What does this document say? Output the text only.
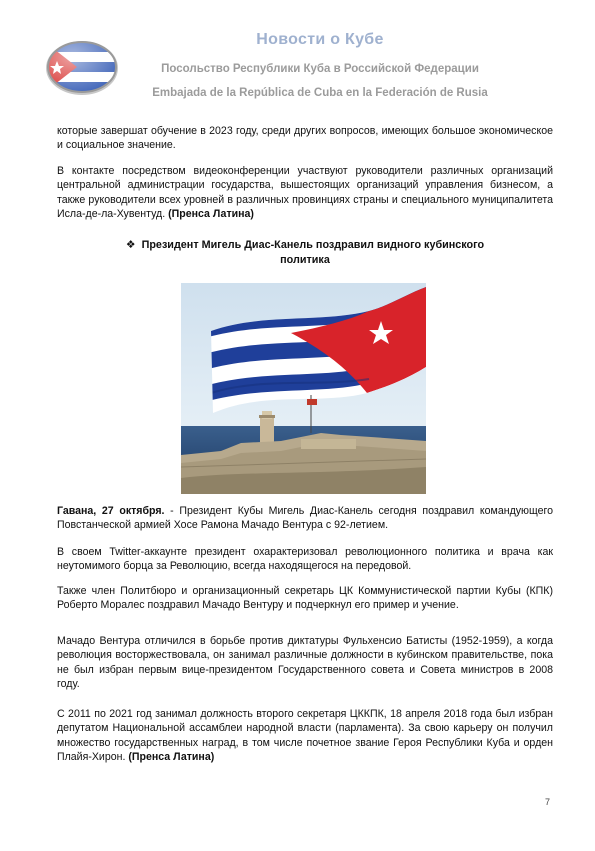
Новости о Кубе
Посольство Республики Куба в Российской Федерации
Embajada de la República de Cuba en la Federación de Rusia
которые завершат обучение в 2023 году, среди других вопросов, имеющих большое экономическое и социальное значение.
В контакте посредством видеоконференции участвуют руководители различных организаций центральной администрации государства, вышестоящих организаций управления бизнесом, а также руководители всех уровней в различных провинциях страны и специального муниципалитета Исла-де-ла-Хувентуд. (Пренса Латина)
❖ Президент Мигель Диас-Канель поздравил видного кубинского политика
Гавана, 27 октября. - Президент Кубы Мигель Диас-Канель сегодня поздравил командующего Повстанческой армией Хосе Рамона Мачадо Вентура с 92-летием.
В своем Twitter-аккаунте президент охарактеризовал революционного политика и врача как неутомимого борца за Революцию, всегда находящегося на передовой.
Также член Политбюро и организационный секретарь ЦК Коммунистической партии Кубы (КПК) Роберто Моралес поздравил Мачадо Вентуру и подчеркнул его пример и учение.
Мачадо Вентура отличился в борьбе против диктатуры Фульхенсио Батисты (1952-1959), а когда революция восторжествовала, он занимал различные должности в кубинском правительстве, пока не был избран первым вице-президентом Государственного совета и Совета министров в 2008 году.
С 2011 по 2021 год занимал должность второго секретаря ЦККПК, 18 апреля 2018 года был избран депутатом Национальной ассамблеи народной власти (парламента). За свою карьеру он получил множество государственных наград, в том числе почетное звание Героя Республики Куба и орден Плайя-Хирон. (Пренса Латина)
7
